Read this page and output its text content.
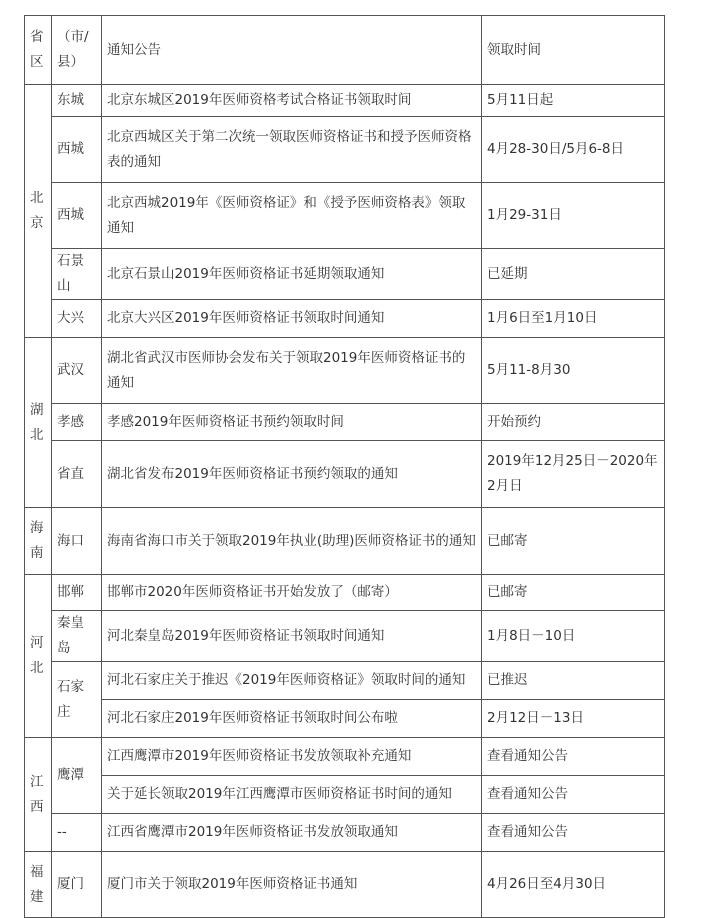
省区	（市/县）	通知公告	领取时间

北京	东城	北京东城区2019年医师资格考试合格证书领取时间	5月11日起
	西城	北京西城区关于第二次统一领取医师资格证书和授予医师资格表的通知	4月28-30日/5月6-8日
	西城	北京西城2019年《医师资格证》和《授予医师资格表》领取通知	1月29-31日
	石景山	北京石景山2019年医师资格证书延期领取通知	已延期
	大兴	北京大兴区2019年医师资格证书领取时间通知	1月6日至1月10日

湖北	武汉	湖北省武汉市医师协会发布关于领取2019年医师资格证书的通知	5月11-8月30
	孝感	孝感2019年医师资格证书预约领取时间	开始预约
	省直	湖北省发布2019年医师资格证书预约领取的通知	2019年12月25日－2020年2月日

海南	海口	海南省海口市关于领取2019年执业(助理)医师资格证书的通知	已邮寄

河北	邯郸	邯郸市2020年医师资格证书开始发放了（邮寄）	已邮寄
	秦皇岛	河北秦皇岛2019年医师资格证书领取时间通知	1月8日－10日
	石家庄	河北石家庄关于推迟《2019年医师资格证》领取时间的通知	已推迟
		河北石家庄2019年医师资格证书领取时间公布啦	2月12日－13日

江西	鹰潭	江西鹰潭市2019年医师资格证书发放领取补充通知	查看通知公告
		关于延长领取2019年江西鹰潭市医师资格证书时间的通知	查看通知公告
	--	江西省鹰潭市2019年医师资格证书发放领取通知	查看通知公告

福建	厦门	厦门市关于领取2019年医师资格证书通知	4月26日至4月30日
